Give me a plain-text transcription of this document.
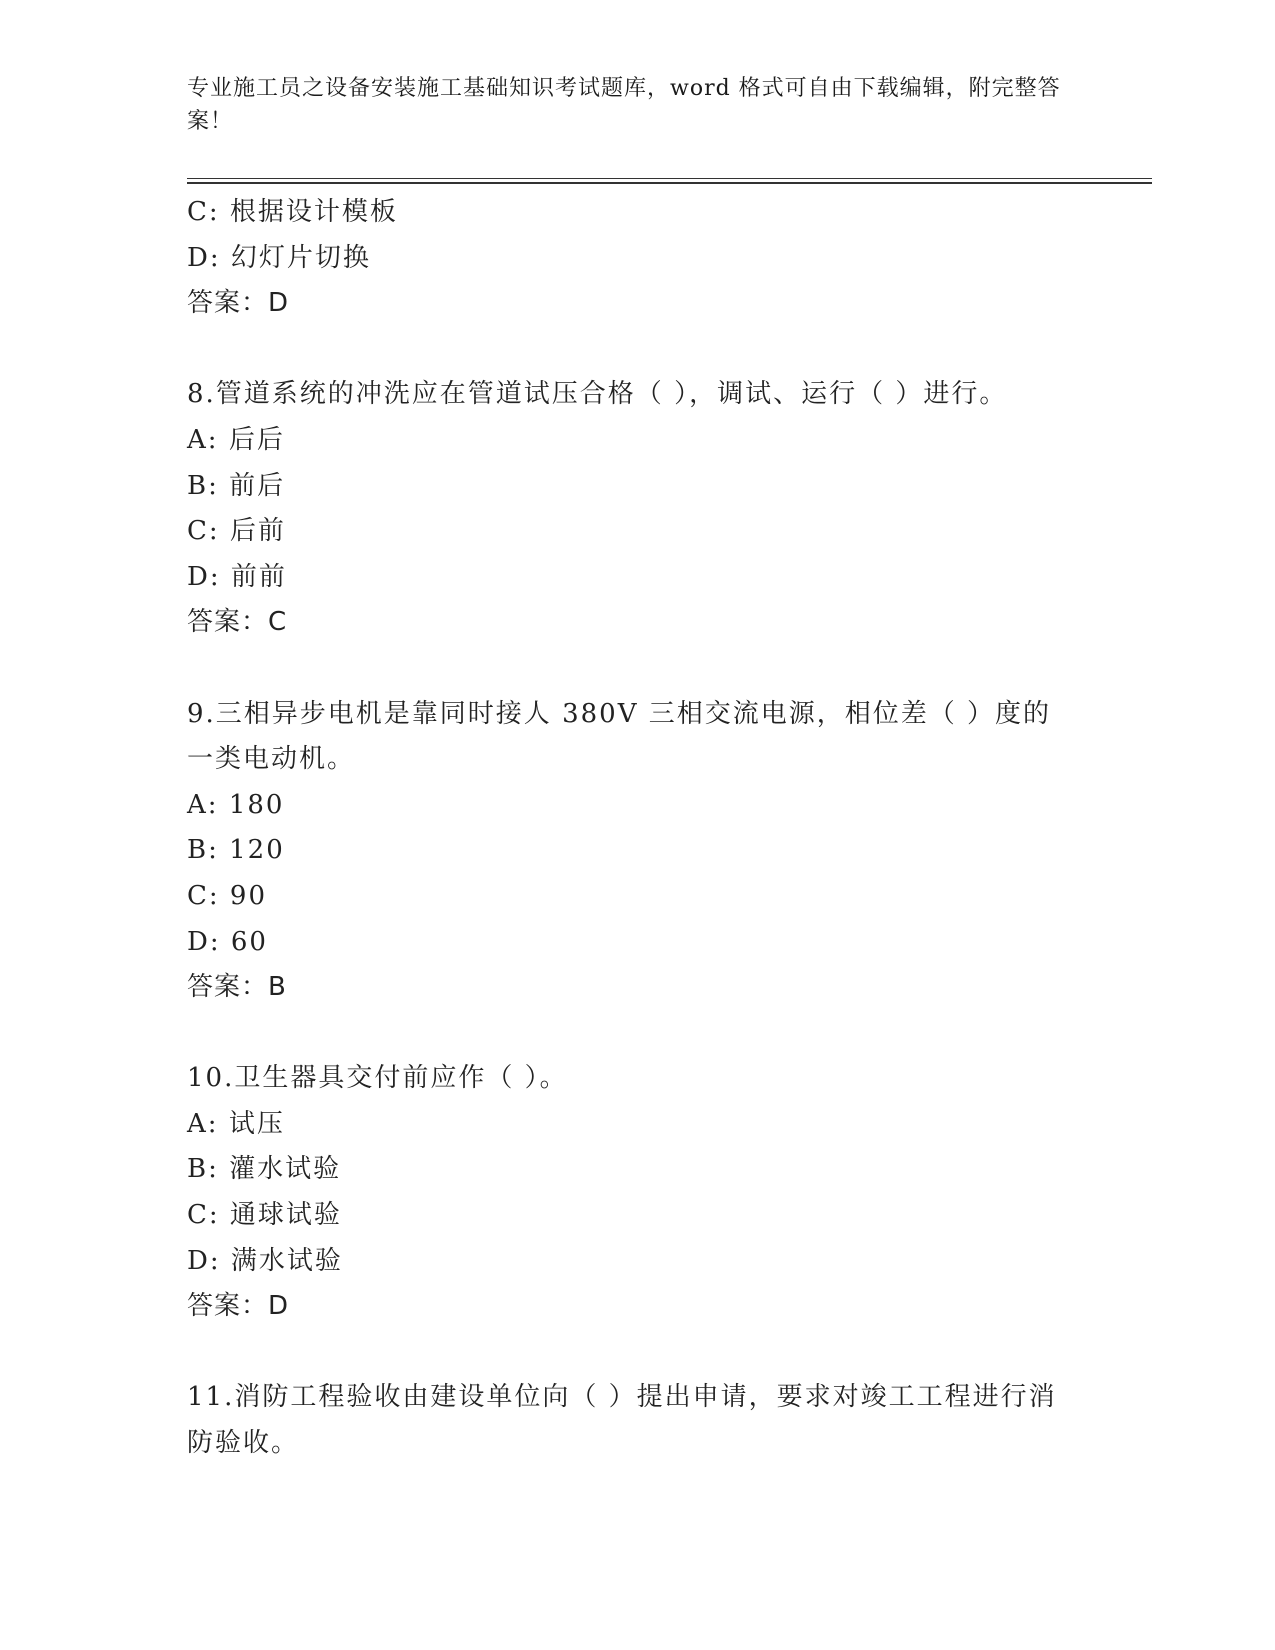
专业施工员之设备安装施工基础知识考试题库，word 格式可自由下载编辑，附完整答案！
C: 根据设计模板
D: 幻灯片切换
答案：D
8.管道系统的冲洗应在管道试压合格（ ），调试、运行（ ）进行。
A: 后后
B: 前后
C: 后前
D: 前前
答案：C
9.三相异步电机是靠同时接人 380V 三相交流电源，相位差（ ）度的一类电动机。
A: 180
B: 120
C: 90
D: 60
答案：B
10.卫生器具交付前应作（ ）。
A: 试压
B: 灌水试验
C: 通球试验
D: 满水试验
答案：D
11.消防工程验收由建设单位向（ ）提出申请，要求对竣工工程进行消防验收。
